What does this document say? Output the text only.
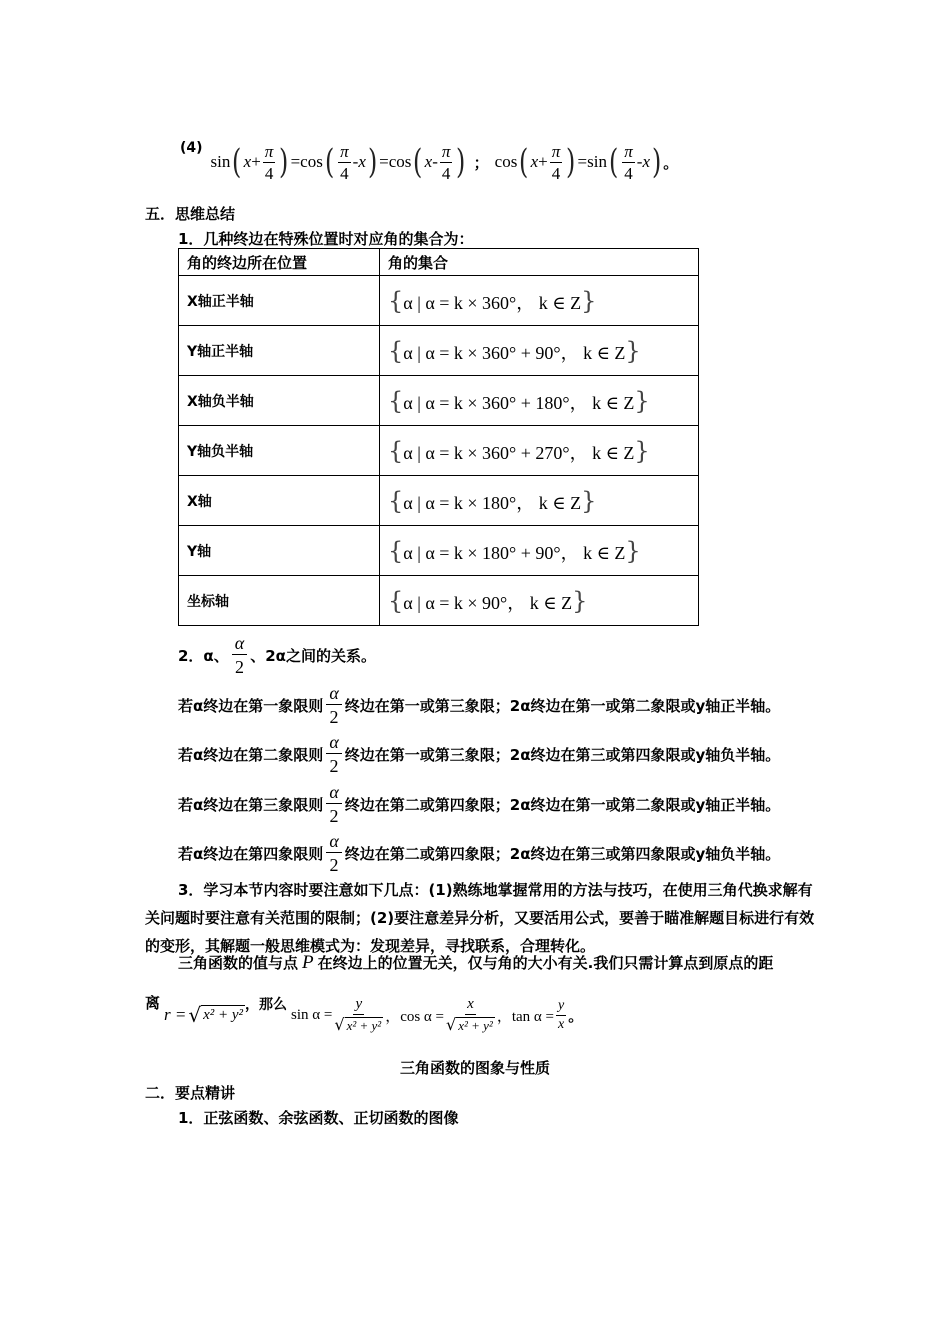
(4)
sin ( $x + \frac{\pi}{4}$ ) =cos ( $\frac{\pi}{4}$ - x ) =cos ( x - $\frac{\pi}{4}$ ) ； cos ( $x + \frac{\pi}{4}$ ) =sin ( $\frac{\pi}{4}$ - x ) 。
五．思维总结
1．几种终边在特殊位置时对应角的集合为：
角的终边所在位置	角的集合
X轴正半轴	{α | α = k × 360°， k ∈ Z}
Y轴正半轴	{α | α = k × 360° + 90°， k ∈ Z}
X轴负半轴	{α | α = k × 360° + 180°， k ∈ Z}
Y轴负半轴	{α | α = k × 360° + 270°， k ∈ Z}
X轴	{α | α = k × 180°， k ∈ Z}
Y轴	{α | α = k × 180° + 90°， k ∈ Z}
坐标轴	{α | α = k × 90°， k ∈ Z}
2．α、 $\frac{\alpha}{2}$ 、2α之间的关系。
若α终边在第一象限则 $\frac{\alpha}{2}$ 终边在第一或第三象限；2α终边在第一或第二象限或y轴正半轴。
若α终边在第二象限则 $\frac{\alpha}{2}$ 终边在第一或第三象限；2α终边在第三或第四象限或y轴负半轴。
若α终边在第三象限则 $\frac{\alpha}{2}$ 终边在第二或第四象限；2α终边在第一或第二象限或y轴正半轴。
若α终边在第四象限则 $\frac{\alpha}{2}$ 终边在第二或第四象限；2α终边在第三或第四象限或y轴负半轴。
3．学习本节内容时要注意如下几点：(1)熟练地掌握常用的方法与技巧，在使用三角代换求解有关问题时要注意有关范围的限制；(2)要注意差异分析，又要活用公式，要善于瞄准解题目标进行有效的变形，其解题一般思维模式为：发现差异，寻找联系，合理转化。
三角函数的值与点 P 在终边上的位置无关，仅与角的大小有关.我们只需计算点到原点的距
离
r = √ x² + y²
，那么
$\sin \alpha = \frac{y}{\text{√ x² + y²}}$ ，$\cos \alpha = \frac{x}{\text{√ x² + y²}}$ ，$\tan \alpha = \frac{y}{x}$ 。
三角函数的图象与性质
二．要点精讲
1．正弦函数、余弦函数、正切函数的图像
